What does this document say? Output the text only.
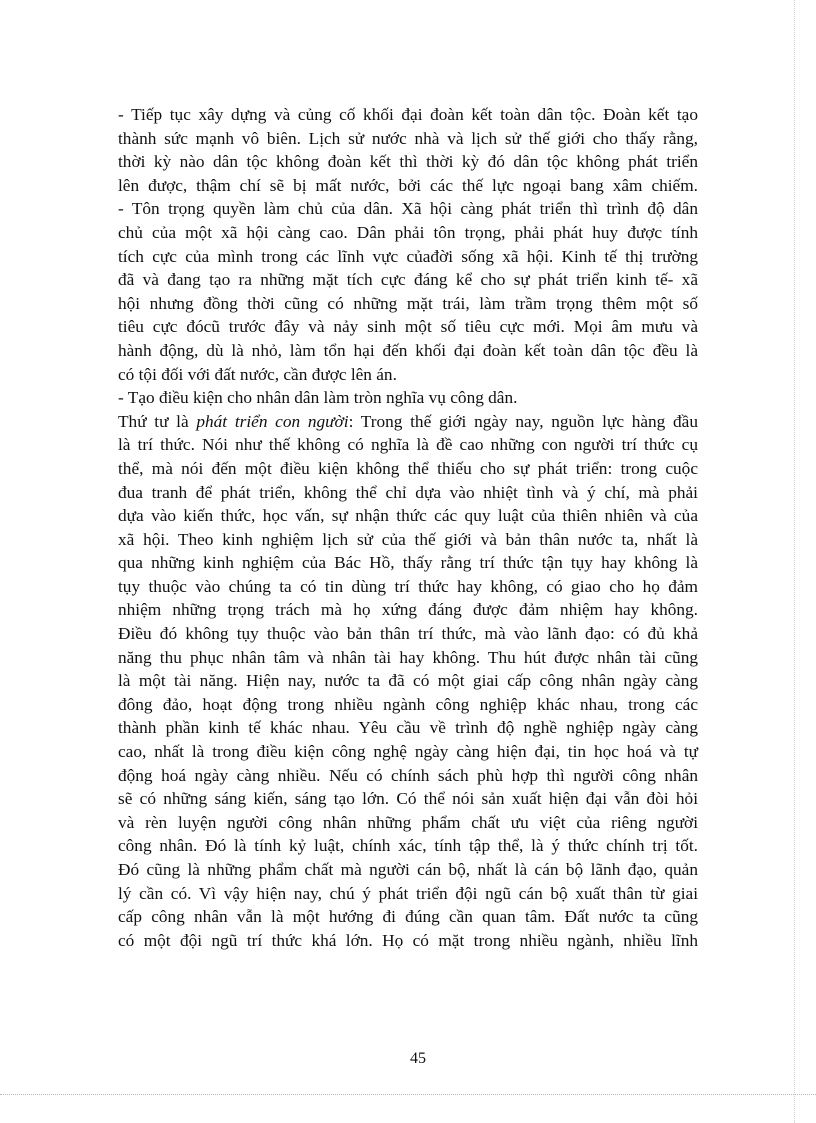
- Tiếp tục xây dựng và củng cố khối đại đoàn kết toàn dân tộc. Đoàn kết tạo
thành sức mạnh vô biên. Lịch sử nước nhà và lịch sử thế giới cho thấy rằng,
thời kỳ nào dân tộc không đoàn kết thì thời kỳ đó dân tộc không phát triển
lên được, thậm chí sẽ bị mất nước, bởi các thế lực ngoại bang xâm chiếm.
- Tôn trọng quyền làm chủ của dân. Xã hội càng phát triển thì trình độ dân
chủ của một xã hội càng cao. Dân phải tôn trọng, phải phát huy được tính
tích cực của mình trong các lĩnh vực củađời sống xã hội. Kinh tế thị trường
đã và đang tạo ra những mặt tích cực đáng kể cho sự phát triển kinh tế- xã
hội nhưng đồng thời cũng có những mặt trái, làm trầm trọng thêm một số
tiêu cực đócũ trước đây và nảy sinh một số tiêu cực mới. Mọi âm mưu và
hành động, dù là nhỏ, làm tổn hại đến khối đại đoàn kết toàn dân tộc đều là
có tội đối với đất nước, cần được lên án.
- Tạo điều kiện cho nhân dân làm tròn nghĩa vụ công dân.
Thứ tư là phát triển con người: Trong thế giới ngày nay, nguồn lực hàng đầu
là trí thức. Nói như thế không có nghĩa là đề cao những con người trí thức cụ
thể, mà nói đến một điều kiện không thể thiếu cho sự phát triển: trong cuộc
đua tranh để phát triển, không thể chỉ dựa vào nhiệt tình và ý chí, mà phải
dựa vào kiến thức, học vấn, sự nhận thức các quy luật của thiên nhiên và của
xã hội. Theo kinh nghiệm lịch sử của thế giới và bản thân nước ta, nhất là
qua những kinh nghiệm của Bác Hồ, thấy rằng trí thức tận tụy hay không là
tụy thuộc vào chúng ta có tin dùng trí thức hay không, có giao cho họ đảm
nhiệm những trọng trách mà họ xứng đáng được đảm nhiệm hay không.
Điều đó không tụy thuộc vào bản thân trí thức, mà vào lãnh đạo: có đủ khả
năng thu phục nhân tâm và nhân tài hay không. Thu hút được nhân tài cũng
là một tài năng. Hiện nay, nước ta đã có một giai cấp công nhân ngày càng
đông đảo, hoạt động trong nhiều ngành công nghiệp khác nhau, trong các
thành phần kinh tế khác nhau. Yêu cầu về trình độ nghề nghiệp ngày càng
cao, nhất là trong điều kiện công nghệ ngày càng hiện đại, tin học hoá và tự
động hoá ngày càng nhiều. Nếu có chính sách phù hợp thì người công nhân
sẽ có những sáng kiến, sáng tạo lớn. Có thể nói sản xuất hiện đại vẫn đòi hỏi
và rèn luyện người công nhân những phẩm chất ưu việt của riêng người
công nhân. Đó là tính kỷ luật, chính xác, tính tập thể, là ý thức chính trị tốt.
Đó cũng là những phẩm chất mà người cán bộ, nhất là cán bộ lãnh đạo, quản
lý cần có. Vì vậy hiện nay, chú ý phát triển đội ngũ cán bộ xuất thân từ giai
cấp công nhân vẫn là một hướng đi đúng cần quan tâm. Đất nước ta cũng
có một đội ngũ trí thức khá lớn. Họ có mặt trong nhiều ngành, nhiều lĩnh
45
